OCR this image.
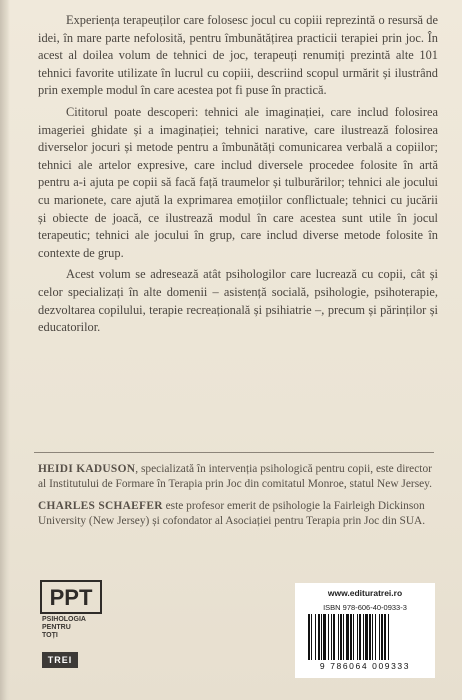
Experiența terapeuților care folosesc jocul cu copiii reprezintă o resursă de idei, în mare parte nefolosită, pentru îmbunătățirea practicii terapiei prin joc. În acest al doilea volum de tehnici de joc, terapeuți renumiți prezintă alte 101 tehnici favorite utilizate în lucrul cu copiii, descriind scopul urmărit și ilustrând prin exemple modul în care acestea pot fi puse în practică.

Cititorul poate descoperi: tehnici ale imaginației, care includ folosirea imageriei ghidate și a imaginației; tehnici narative, care ilustrează folosirea diverselor jocuri și metode pentru a îmbunătăți comunicarea verbală a copiilor; tehnici ale artelor expresive, care includ diversele procedee folosite în artă pentru a-i ajuta pe copii să facă față traumelor și tulburărilor; tehnici ale jocului cu marionete, care ajută la exprimarea emoțiilor conflictuale; tehnici cu jucării și obiecte de joacă, ce ilustrează modul în care acestea sunt utile în jocul terapeutic; tehnici ale jocului în grup, care includ diverse metode folosite în contexte de grup.

Acest volum se adresează atât psihologilor care lucrează cu copii, cât și celor specializați în alte domenii – asistență socială, psihologie, psihoterapie, dezvoltarea copilului, terapie recreațională și psihiatrie –, precum și părinților și educatorilor.

HEIDI KADUSON, specializată în intervenția psihologică pentru copii, este director al Institutului de Formare în Terapia prin Joc din comitatul Monroe, statul New Jersey.

CHARLES SCHAEFER este profesor emerit de psihologie la Fairleigh Dickinson University (New Jersey) și cofondator al Asociației pentru Terapia prin Joc din SUA.

PPT
PSIHOLOGIA
PENTRU
TOȚI
TREI
www.edituratrei.ro
ISBN 978-606-40-0933-3
9 786064 009333
